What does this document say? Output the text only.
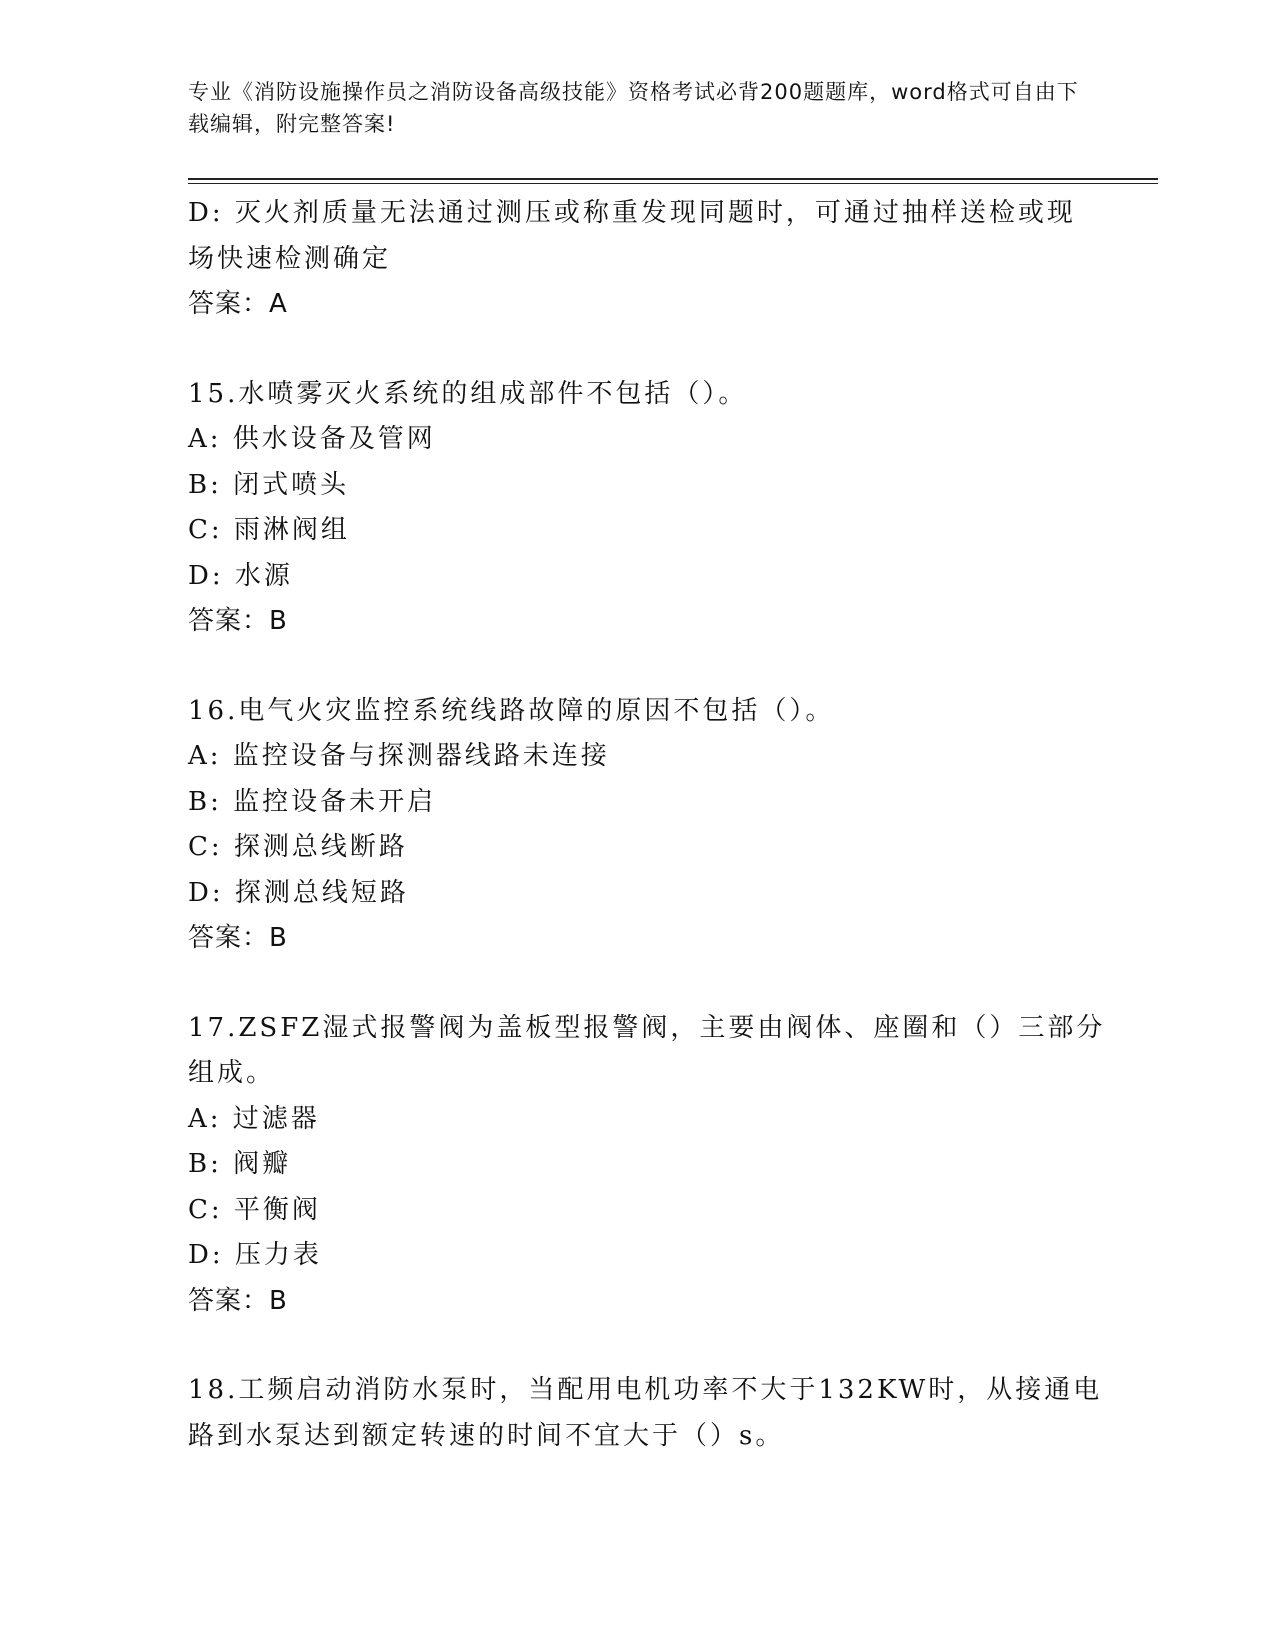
专业《消防设施操作员之消防设备高级技能》资格考试必背200题题库，word格式可自由下载编辑，附完整答案!
D: 灭火剂质量无法通过测压或称重发现同题时，可通过抽样送检或现
场快速检测确定
答案：A
15.水喷雾灭火系统的组成部件不包括（）。
A: 供水设备及管网
B: 闭式喷头
C: 雨淋阀组
D: 水源
答案：B
16.电气火灾监控系统线路故障的原因不包括（）。
A: 监控设备与探测器线路未连接
B: 监控设备未开启
C: 探测总线断路
D: 探测总线短路
答案：B
17.ZSFZ湿式报警阀为盖板型报警阀，主要由阀体、座圈和（）三部分
组成。
A: 过滤器
B: 阀瓣
C: 平衡阀
D: 压力表
答案：B
18.工频启动消防水泵时，当配用电机功率不大于132KW时，从接通电
路到水泵达到额定转速的时间不宜大于（）s。
